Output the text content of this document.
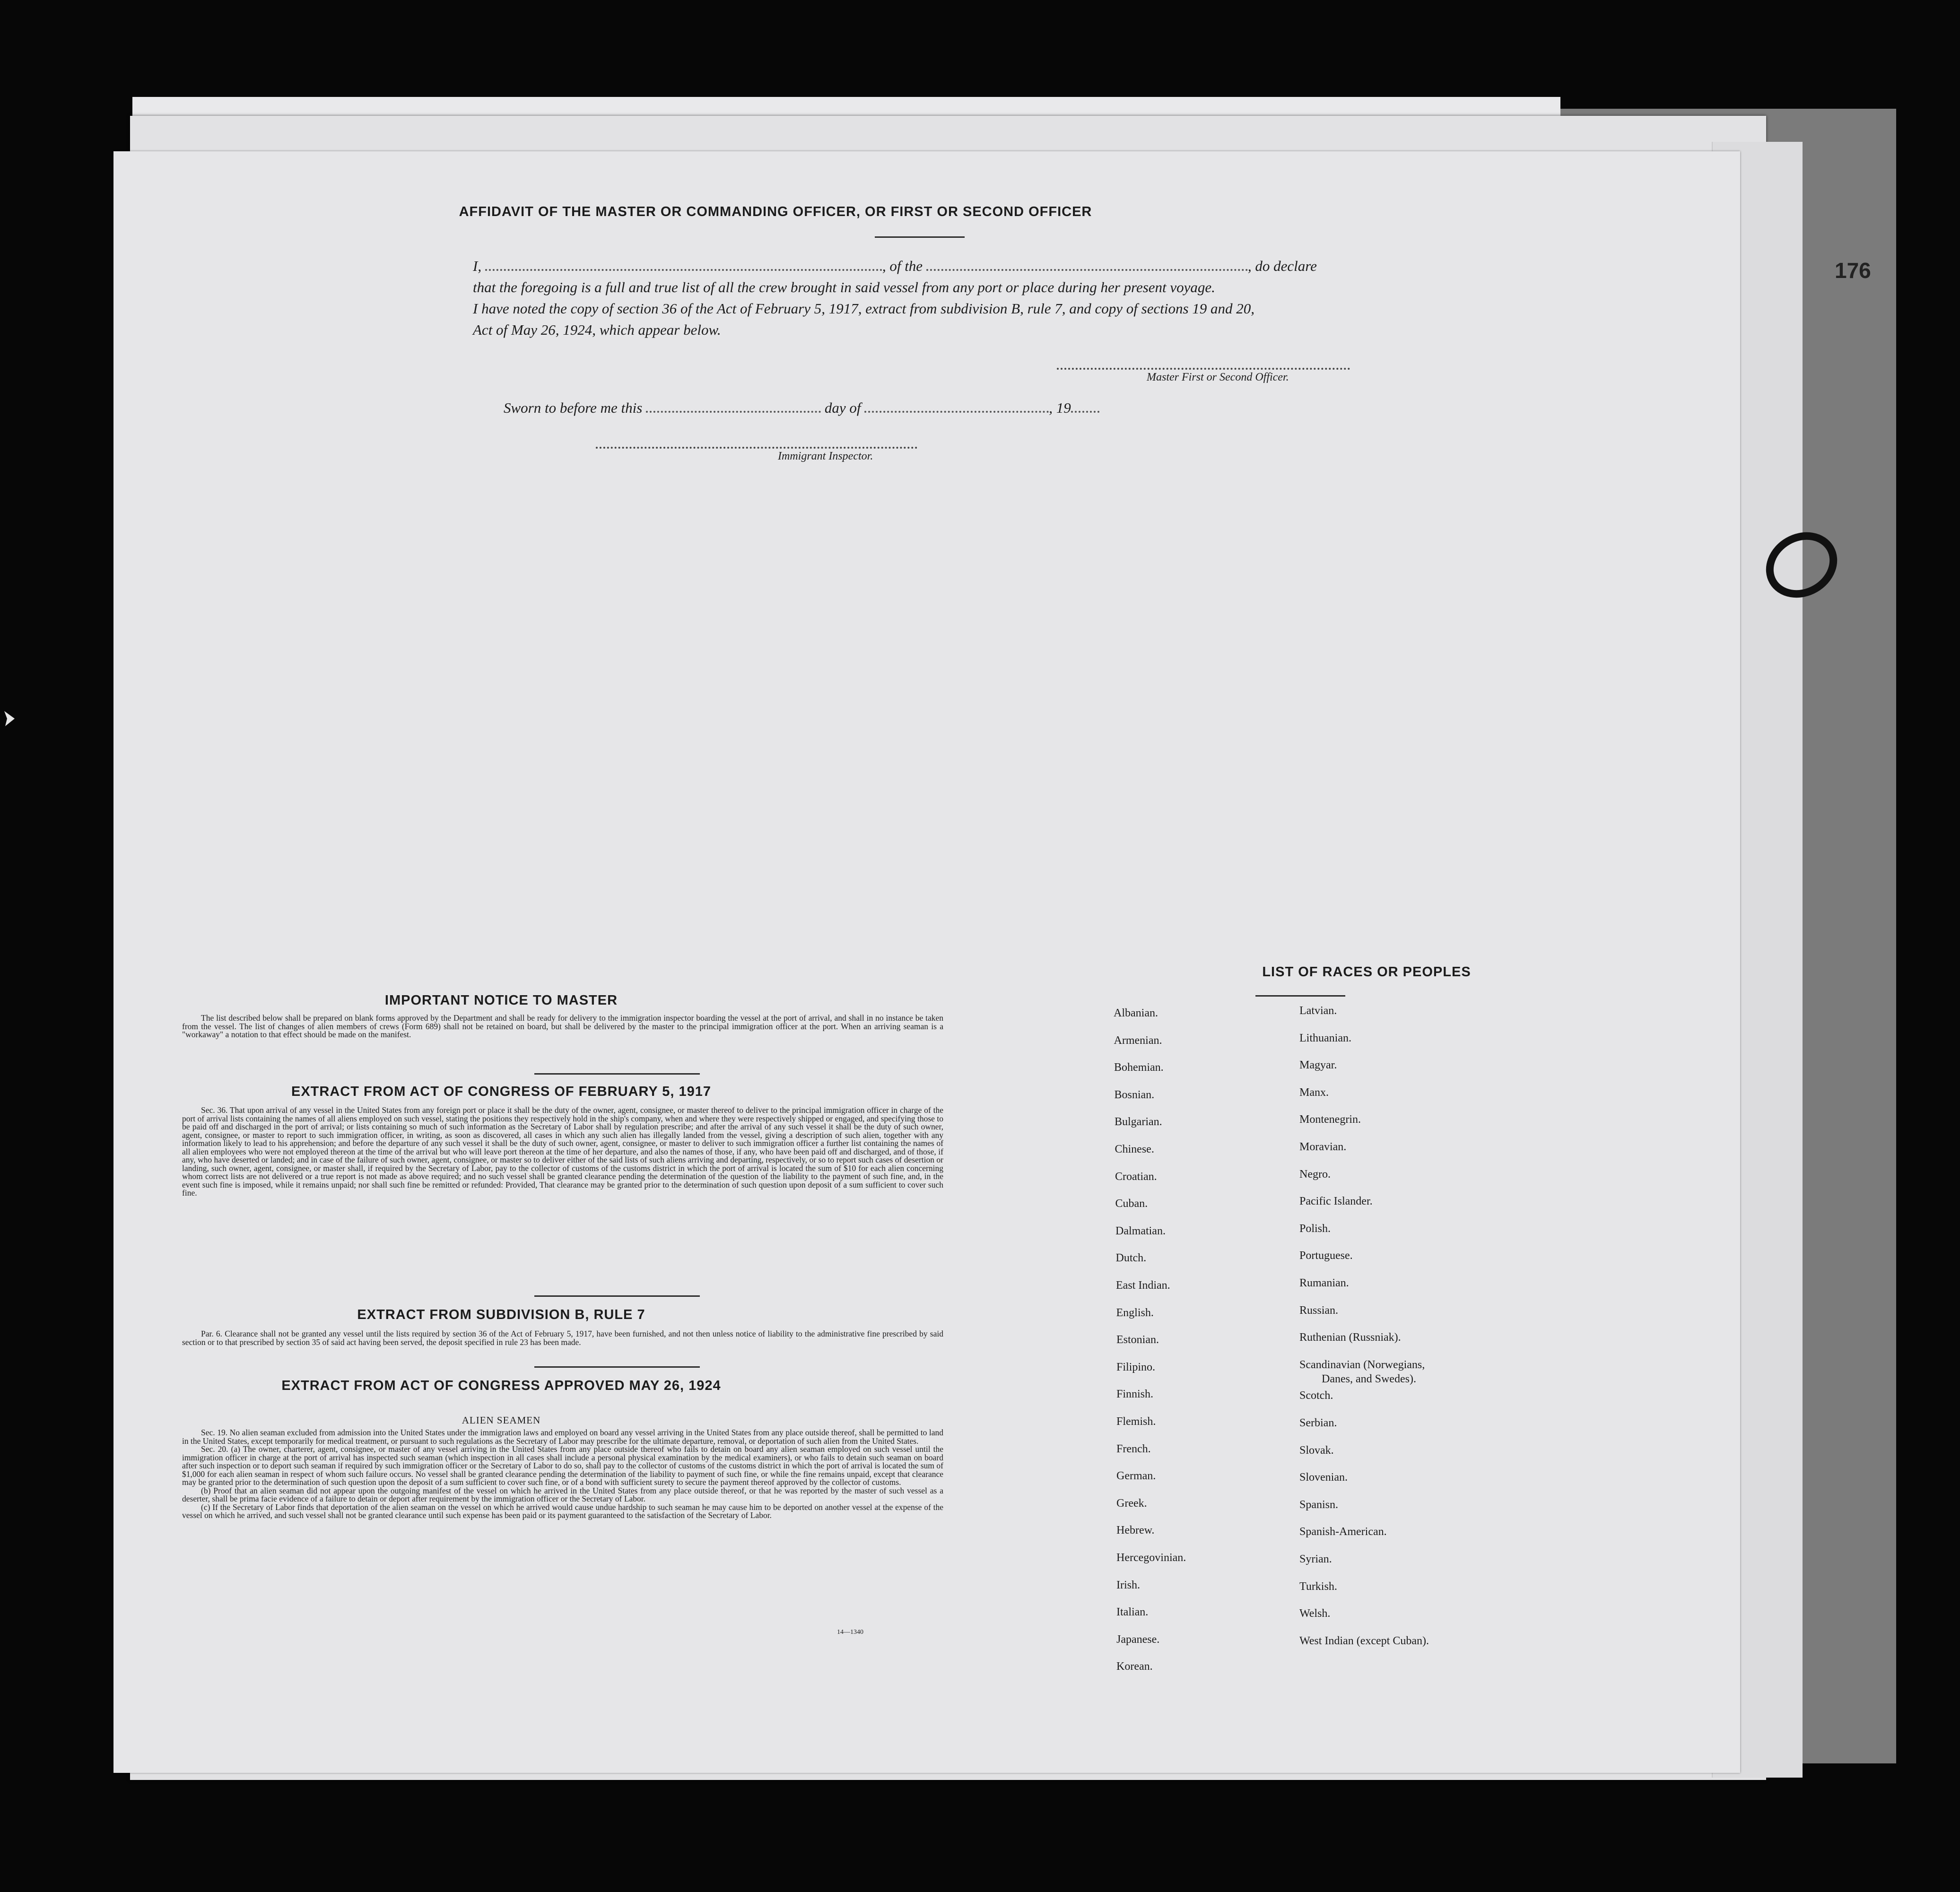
176
AFFIDAVIT OF THE MASTER OR COMMANDING OFFICER, OR FIRST OR SECOND OFFICER
I,	, of the	, do declare
that the foregoing is a full and true list of all the crew brought in said vessel from any port or place during her present voyage.
I have noted the copy of section 36 of the Act of February 5, 1917, extract from subdivision B, rule 7, and copy of sections 19 and 20,
Act of May 26, 1924, which appear below.
Master First or Second Officer.
Sworn to before me this	day of	, 19
Immigrant Inspector.
IMPORTANT NOTICE TO MASTER

The list described below shall be prepared on blank forms approved by the Department and shall be ready for delivery to the immigration inspector boarding the vessel at the port of arrival, and shall in no instance be taken from the vessel. The list of changes of alien members of crews (Form 689) shall not be retained on board, but shall be delivered by the master to the principal immigration officer at the port. When an arriving seaman is a "workaway" a notation to that effect should be made on the manifest.

EXTRACT FROM ACT OF CONGRESS OF FEBRUARY 5, 1917

Sec. 36. That upon arrival of any vessel in the United States from any foreign port or place it shall be the duty of the owner, agent, consignee, or master thereof to deliver to the principal immigration officer in charge of the port of arrival lists containing the names of all aliens employed on such vessel, stating the positions they respectively hold in the ship's company, when and where they were respectively shipped or engaged, and specifying those to be paid off and discharged in the port of arrival; or lists containing so much of such information as the Secretary of Labor shall by regulation prescribe; and after the arrival of any such vessel it shall be the duty of such owner, agent, consignee, or master to report to such immigration officer, in writing, as soon as discovered, all cases in which any such alien has illegally landed from the vessel, giving a description of such alien, together with any information likely to lead to his apprehension; and before the departure of any such vessel it shall be the duty of such owner, agent, consignee, or master to deliver to such immigration officer a further list containing the names of all alien employees who were not employed thereon at the time of the arrival but who will leave port thereon at the time of her departure, and also the names of those, if any, who have been paid off and discharged, and of those, if any, who have deserted or landed; and in case of the failure of such owner, agent, consignee, or master so to deliver either of the said lists of such aliens arriving and departing, respectively, or so to report such cases of desertion or landing, such owner, agent, consignee, or master shall, if required by the Secretary of Labor, pay to the collector of customs of the customs district in which the port of arrival is located the sum of $10 for each alien concerning whom correct lists are not delivered or a true report is not made as above required; and no such vessel shall be granted clearance pending the determination of the question of the liability to the payment of such fine, and, in the event such fine is imposed, while it remains unpaid; nor shall such fine be remitted or refunded: Provided, That clearance may be granted prior to the determination of such question upon deposit of a sum sufficient to cover such fine.

EXTRACT FROM SUBDIVISION B, RULE 7

Par. 6. Clearance shall not be granted any vessel until the lists required by section 36 of the Act of February 5, 1917, have been furnished, and not then unless notice of liability to the administrative fine prescribed by said section or to that prescribed by section 35 of said act having been served, the deposit specified in rule 23 has been made.

EXTRACT FROM ACT OF CONGRESS APPROVED MAY 26, 1924
ALIEN SEAMEN

Sec. 19. No alien seaman excluded from admission into the United States under the immigration laws and employed on board any vessel arriving in the United States from any place outside thereof, shall be permitted to land in the United States, except temporarily for medical treatment, or pursuant to such regulations as the Secretary of Labor may prescribe for the ultimate departure, removal, or deportation of such alien from the United States.

Sec. 20. (a) The owner, charterer, agent, consignee, or master of any vessel arriving in the United States from any place outside thereof who fails to detain on board any alien seaman employed on such vessel until the immigration officer in charge at the port of arrival has inspected such seaman (which inspection in all cases shall include a personal physical examination by the medical examiners), or who fails to detain such seaman on board after such inspection or to deport such seaman if required by such immigration officer or the Secretary of Labor to do so, shall pay to the collector of customs of the customs district in which the port of arrival is located the sum of $1,000 for each alien seaman in respect of whom such failure occurs. No vessel shall be granted clearance pending the determination of the liability to payment of such fine, or while the fine remains unpaid, except that clearance may be granted prior to the determination of such question upon the deposit of a sum sufficient to cover such fine, or of a bond with sufficient surety to secure the payment thereof approved by the collector of customs.

(b) Proof that an alien seaman did not appear upon the outgoing manifest of the vessel on which he arrived in the United States from any place outside thereof, or that he was reported by the master of such vessel as a deserter, shall be prima facie evidence of a failure to detain or deport after requirement by the immigration officer or the Secretary of Labor.

(c) If the Secretary of Labor finds that deportation of the alien seaman on the vessel on which he arrived would cause undue hardship to such seaman he may cause him to be deported on another vessel at the expense of the vessel on which he arrived, and such vessel shall not be granted clearance until such expense has been paid or its payment guaranteed to the satisfaction of the Secretary of Labor.

14—1340
LIST OF RACES OR PEOPLES
Albanian.
Armenian.
Bohemian.
Bosnian.
Bulgarian.
Chinese.
Croatian.
Cuban.
Dalmatian.
Dutch.
East Indian.
English.
Estonian.
Filipino.
Finnish.
Flemish.
French.
German.
Greek.
Hebrew.
Hercegovinian.
Irish.
Italian.
Japanese.
Korean.
Latvian.
Lithuanian.
Magyar.
Manx.
Montenegrin.
Moravian.
Negro.
Pacific Islander.
Polish.
Portuguese.
Rumanian.
Russian.
Ruthenian (Russniak).
Scandinavian (Norwegians,
Danes, and Swedes).
Scotch.
Serbian.
Slovak.
Slovenian.
Spanisn.
Spanish-American.
Syrian.
Turkish.
Welsh.
West Indian (except Cuban).
